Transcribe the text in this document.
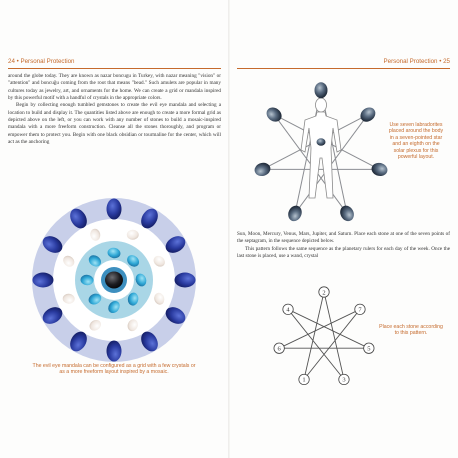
24 • Personal Protection

around the globe today. They are known as nazar boncugu in Turkey, with nazar meaning "vision" or "attention" and boncuğu coming from the root that means "bead." Such amulets are popular in many cultures today as jewelry, art, and ornaments for the home. We can create a grid or mandala inspired by this powerful motif with a handful of crystals in the appropriate colors.

Begin by collecting enough tumbled gemstones to create the evil eye mandala and selecting a location to build and display it. The quantities listed above are enough to create a more formal grid as depicted above on the left, or you can work with any number of stones to build a mosaic-inspired mandala with a more freeform construction. Cleanse all the stones thoroughly, and program or empower them to protect you. Begin with one black obsidian or tourmaline for the center, which will act as the anchoring

The evil eye mandala can be configured as a grid with a few crystals or as a more freeform layout inspired by a mosaic.
Personal Protection • 25
Use seven labradorites placed around the body in a seven-pointed star and an eighth on the solar plexus for this powerful layout.

Sun, Moon, Mercury, Venus, Mars, Jupiter, and Saturn. Place each stone at one of the seven points of the septagram, in the sequence depicted below.

This pattern follows the same sequence as the planetary rulers for each day of the week. Once the last stone is placed, use a wand, crystal

2
7
5
3
1
6
4
Place each stone according to this pattern.
